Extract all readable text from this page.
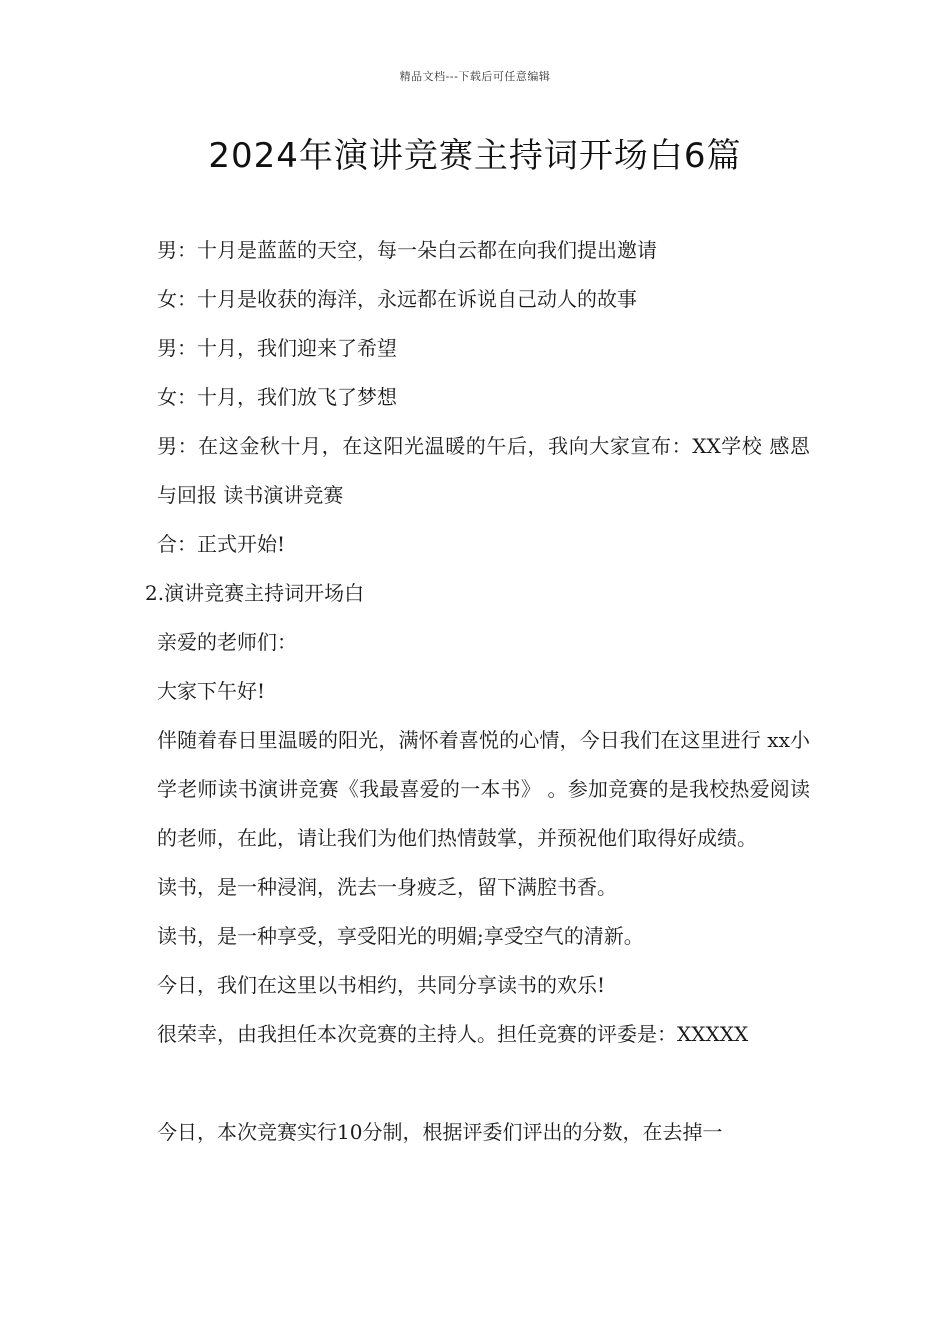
精品文档---下载后可任意编辑
2024年演讲竞赛主持词开场白6篇

男：十月是蓝蓝的天空，每一朵白云都在向我们提出邀请

女：十月是收获的海洋，永远都在诉说自己动人的故事

男：十月，我们迎来了希望

女：十月，我们放飞了梦想

男：在这金秋十月，在这阳光温暖的午后，我向大家宣布：XX学校 感恩与回报 读书演讲竞赛

合：正式开始!

2.演讲竞赛主持词开场白

亲爱的老师们：

大家下午好!

伴随着春日里温暖的阳光，满怀着喜悦的心情，今日我们在这里进行 xx小学老师读书演讲竞赛《我最喜爱的一本书》 。参加竞赛的是我校热爱阅读的老师，在此，请让我们为他们热情鼓掌，并预祝他们取得好成绩。

读书，是一种浸润，洗去一身疲乏，留下满腔书香。

读书，是一种享受，享受阳光的明媚;享受空气的清新。

今日，我们在这里以书相约，共同分享读书的欢乐!

很荣幸，由我担任本次竞赛的主持人。担任竞赛的评委是：XXXXX

今日，本次竞赛实行10分制，根据评委们评出的分数，在去掉一
